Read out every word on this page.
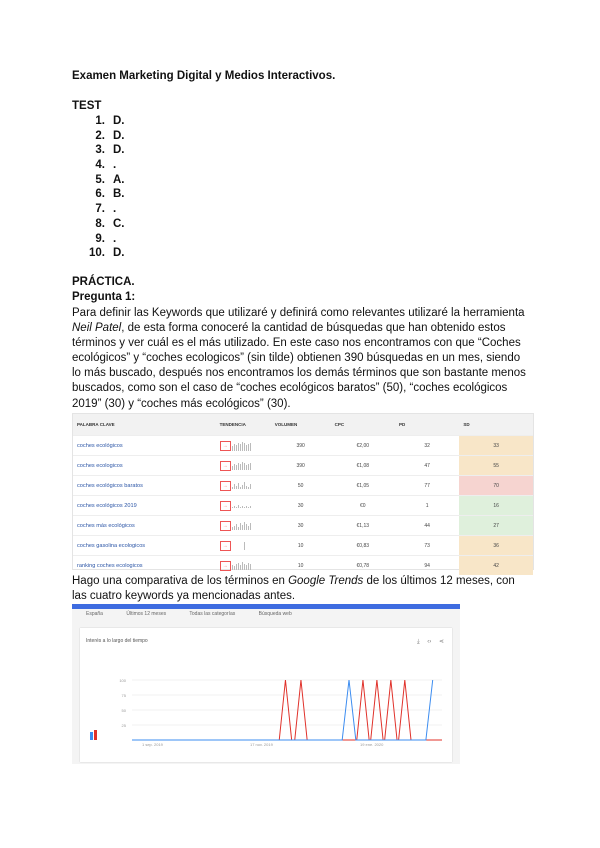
Examen Marketing Digital y Medios Interactivos.
TEST
1. D.
2. D.
3. D.
4. .
5. A.
6. B.
7. .
8. C.
9. .
10. D.
PRÁCTICA.
Pregunta 1:
Para definir las Keywords que utilizaré y definirá como relevantes utilizaré la herramienta Neil Patel, de esta forma conoceré la cantidad de búsquedas que han obtenido estos términos y ver cuál es el más utilizado. En este caso nos encontramos con que “Coches ecológicos” y “coches ecologicos” (sin tilde) obtienen 390 búsquedas en un mes, siendo lo más buscado, después nos encontramos los demás términos que son bastante menos buscados, como son el caso de “coches ecológicos baratos” (50), “coches ecológicos 2019” (30) y “coches más ecológicos” (30).
PALABRA CLAVE	TENDENCIA	VOLUMEN	CPC	PD	SD
coches ecológicos	→	390	€2,00	32	33
coches ecologicos	→	390	€1,08	47	55
coches ecológicos baratos	→	50	€1,05	77	70
coches ecológicos 2019	→	30	€0	1	16
coches más ecológicos	→	30	€1,13	44	27
coches gasolina ecologicos	→	10	€0,83	73	36
ranking coches ecologicos	→	10	€0,78	94	42
Hago una comparativa de los términos en Google Trends de los últimos 12 meses, con las cuatro keywords ya mencionadas antes.
España	Últimos 12 meses	Todas las categorías	Búsqueda web
Interés a lo largo del tiempo	⤓ ‹› ⋖
100
75
50
25
1 sep. 2019	17 nov. 2019	19 ene. 2020
